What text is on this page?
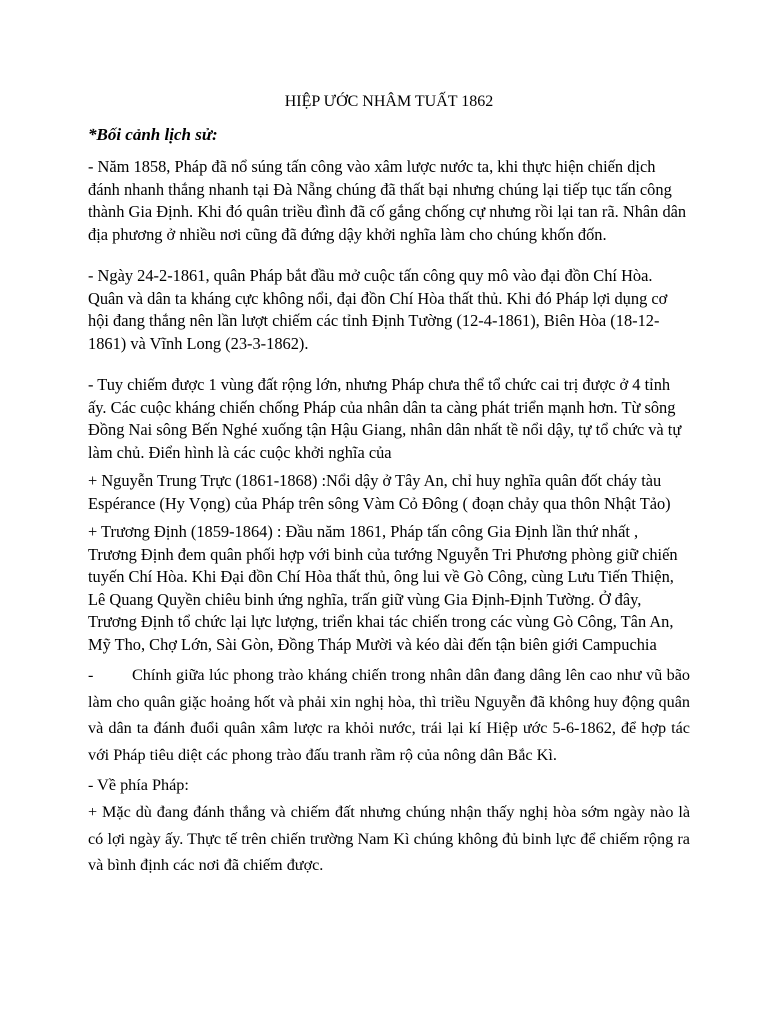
HIỆP ƯỚC NHÂM TUẤT 1862
*Bối cảnh lịch sử:

- Năm 1858, Pháp đã nổ súng tấn công vào xâm lược nước ta, khi thực hiện chiến dịch đánh nhanh thắng nhanh tại Đà Nẵng chúng đã thất bại nhưng chúng lại tiếp tục tấn công thành Gia Định. Khi đó quân triều đình đã cố gắng chống cự nhưng rồi lại tan rã. Nhân dân địa phương ở nhiều nơi cũng đã đứng dậy khởi nghĩa làm cho chúng khốn đốn.

- Ngày 24-2-1861, quân Pháp bắt đầu mở cuộc tấn công quy mô vào đại đồn Chí Hòa. Quân và dân ta kháng cực không nổi, đại đồn Chí Hòa thất thủ. Khi đó Pháp lợi dụng cơ hội đang thắng nên lần lượt chiếm các tỉnh Định Tường (12-4-1861), Biên Hòa (18-12-1861) và Vĩnh Long (23-3-1862).

- Tuy chiếm được 1 vùng đất rộng lớn, nhưng Pháp chưa thể tổ chức cai trị được ở 4 tỉnh ấy. Các cuộc kháng chiến chống Pháp của nhân dân ta càng phát triển mạnh hơn. Từ sông Đồng Nai sông Bến Nghé xuống tận Hậu Giang, nhân dân nhất tề nổi dậy, tự tổ chức và tự làm chủ. Điển hình là các cuộc khởi nghĩa của

+ Nguyễn Trung Trực (1861-1868) :Nổi dậy ở Tây An, chỉ huy nghĩa quân đốt cháy tàu Espérance (Hy Vọng) của Pháp trên sông Vàm Cỏ Đông ( đoạn chảy qua thôn Nhật Tảo)

+ Trương Định (1859-1864) : Đầu năm 1861, Pháp tấn công Gia Định lần thứ nhất , Trương Định đem quân phối hợp với binh của tướng Nguyễn Tri Phương phòng giữ chiến tuyến Chí Hòa. Khi Đại đồn Chí Hòa thất thủ, ông lui về Gò Công, cùng Lưu Tiến Thiện, Lê Quang Quyền chiêu binh ứng nghĩa, trấn giữ vùng Gia Định-Định Tường. Ở đây, Trương Định tổ chức lại lực lượng, triển khai tác chiến trong các vùng Gò Công, Tân An, Mỹ Tho, Chợ Lớn, Sài Gòn, Đồng Tháp Mười và kéo dài đến tận biên giới Campuchia

- Chính giữa lúc phong trào kháng chiến trong nhân dân đang dâng lên cao như vũ bão làm cho quân giặc hoảng hốt và phải xin nghị hòa, thì triều Nguyễn đã không huy động quân và dân ta đánh đuổi quân xâm lược ra khỏi nước, trái lại kí Hiệp ước 5-6-1862, để hợp tác với Pháp tiêu diệt các phong trào đấu tranh rầm rộ của nông dân Bắc Kì.

- Về phía Pháp:

+ Mặc dù đang đánh thắng và chiếm đất nhưng chúng nhận thấy nghị hòa sớm ngày nào là có lợi ngày ấy. Thực tế trên chiến trường Nam Kì chúng không đủ binh lực để chiếm rộng ra và bình định các nơi đã chiếm được.
